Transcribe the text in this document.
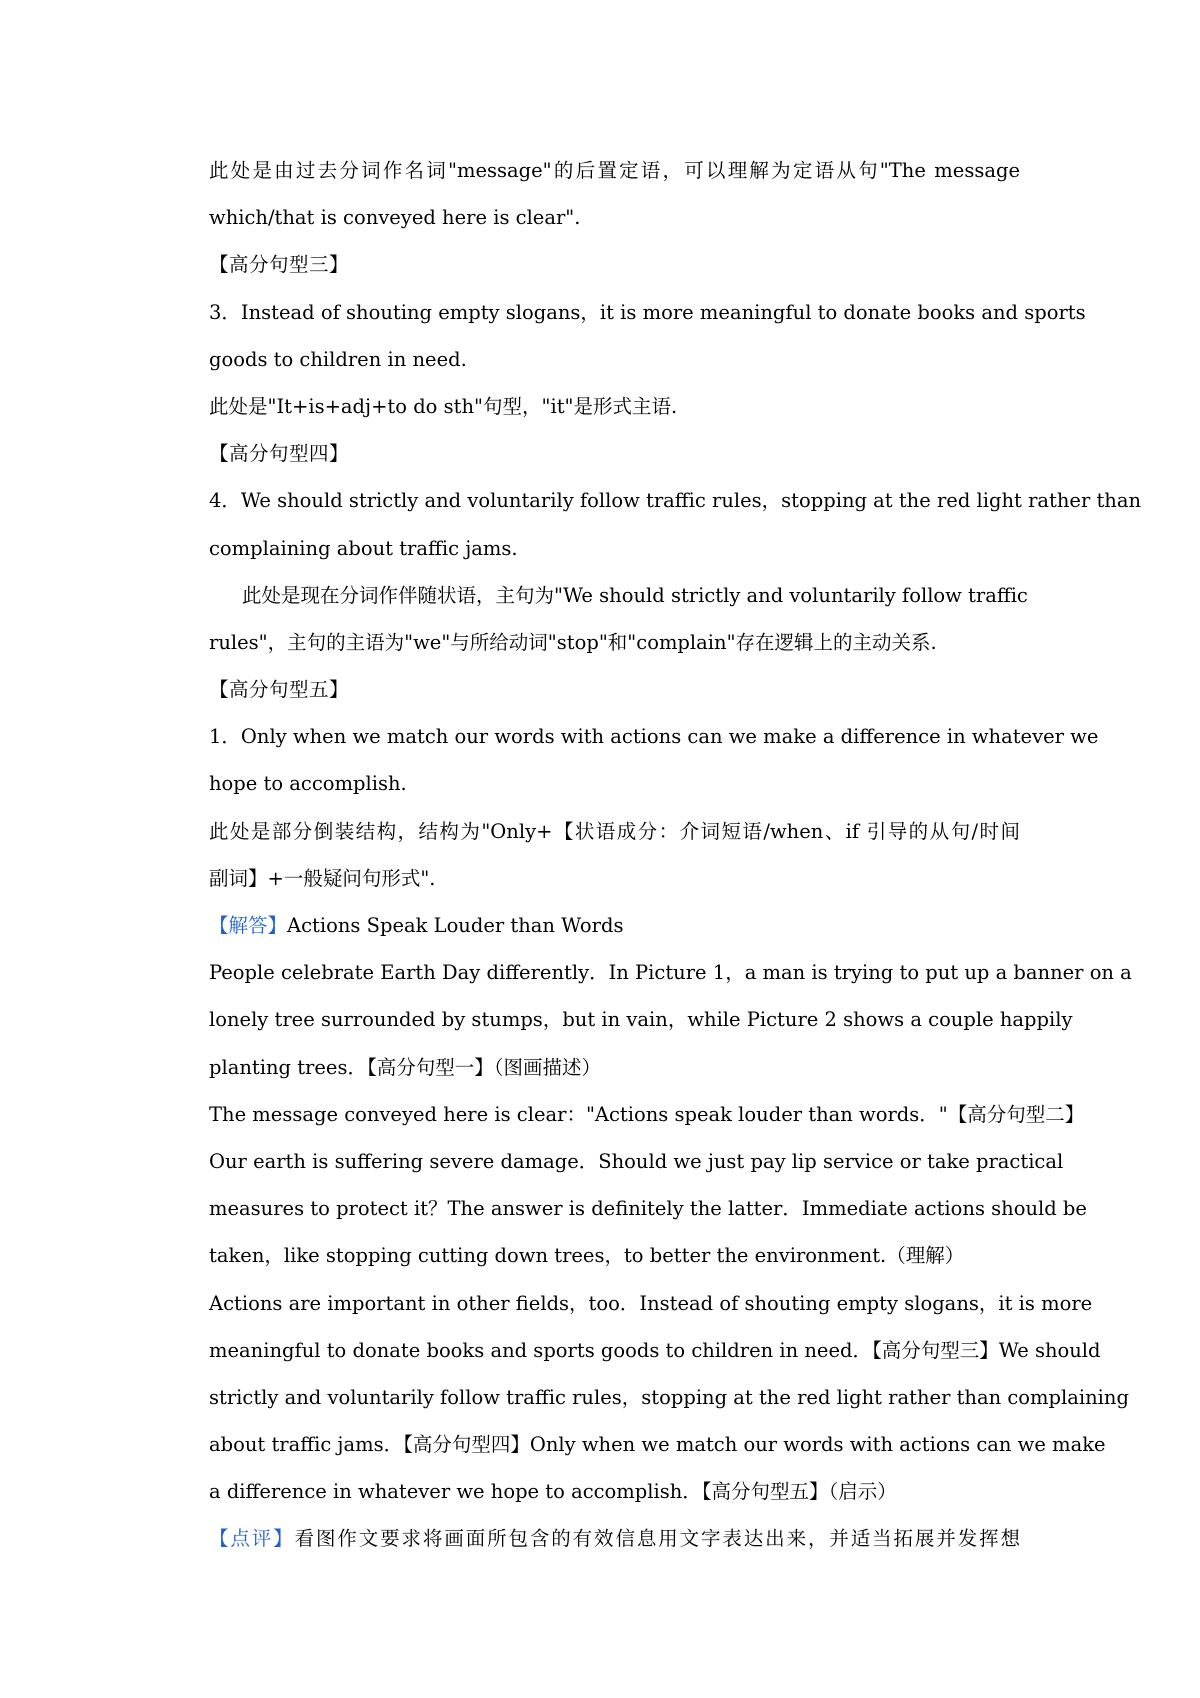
此处是由过去分词作名词"message"的后置定语，可以理解为定语从句"The message
which/that is conveyed here is clear".
【高分句型三】
3．Instead of shouting empty slogans，it is more meaningful to donate books and sports
goods to children in need.
此处是"It+is+adj+to do sth"句型，"it"是形式主语.
【高分句型四】
4．We should strictly and voluntarily follow traffic rules，stopping at the red light rather than
complaining about traffic jams.
此处是现在分词作伴随状语，主句为"We should strictly and voluntarily follow traffic
rules"，主句的主语为"we"与所给动词"stop"和"complain"存在逻辑上的主动关系.
【高分句型五】
1．Only when we match our words with actions can we make a difference in whatever we
hope to accomplish.
此处是部分倒装结构，结构为"Only+【状语成分：介词短语/when、if 引导的从句/时间
副词】+一般疑问句形式".
【解答】Actions Speak Louder than Words
People celebrate Earth Day differently．In Picture 1，a man is trying to put up a banner on a
lonely tree surrounded by stumps，but in vain，while Picture 2 shows a couple happily
planting trees．【高分句型一】（图画描述）
The message conveyed here is clear："Actions speak louder than words．"【高分句型二】
Our earth is suffering severe damage．Should we just pay lip service or take practical
measures to protect it？The answer is definitely the latter．Immediate actions should be
taken，like stopping cutting down trees，to better the environment.（理解）
Actions are important in other fields，too．Instead of shouting empty slogans，it is more
meaningful to donate books and sports goods to children in need．【高分句型三】We should
strictly and voluntarily follow traffic rules，stopping at the red light rather than complaining
about traffic jams．【高分句型四】Only when we match our words with actions can we make
a difference in whatever we hope to accomplish．【高分句型五】（启示）
【点评】看图作文要求将画面所包含的有效信息用文字表达出来，并适当拓展并发挥想
